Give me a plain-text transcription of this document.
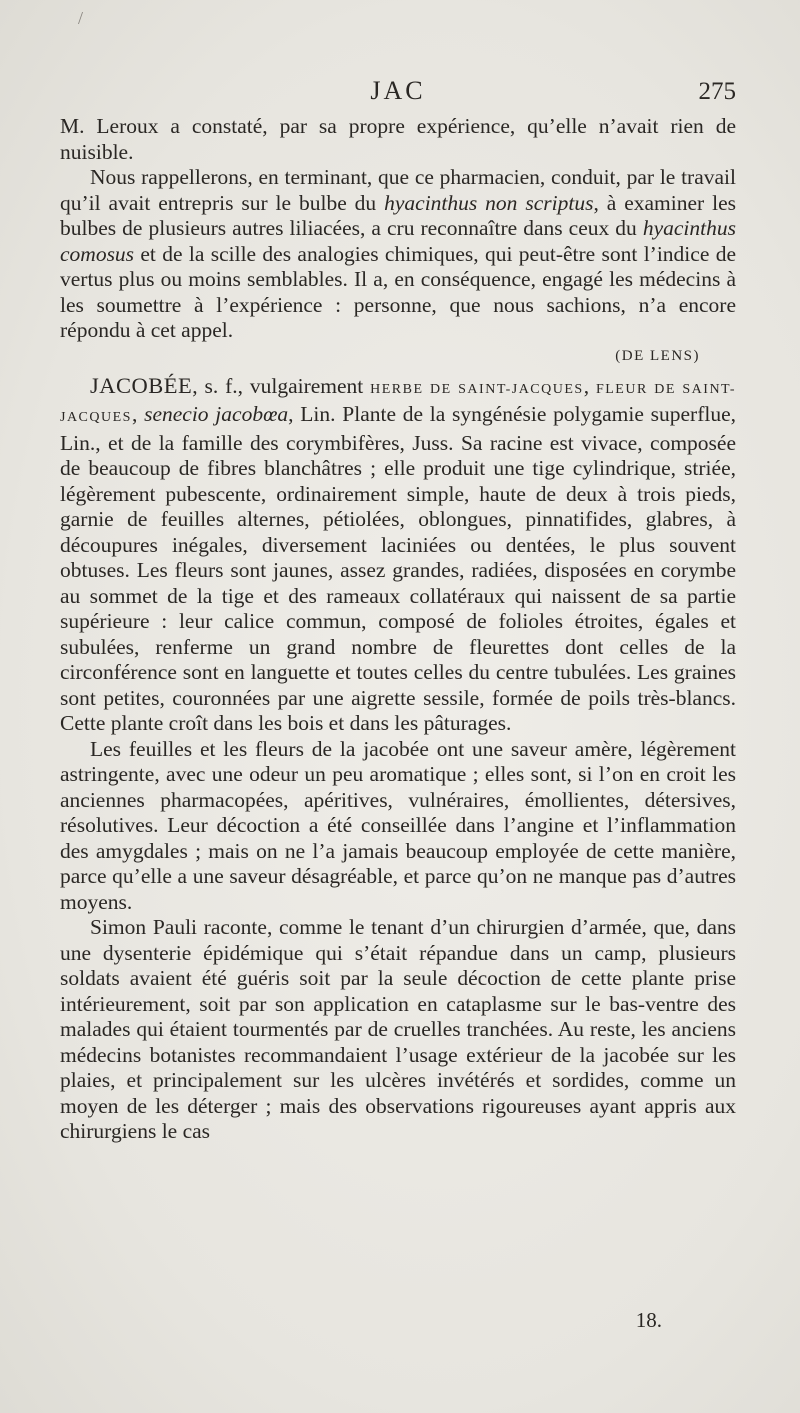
/
JAC	275

M. Leroux a constaté, par sa propre expérience, qu’elle n’avait rien de nuisible.

Nous rappellerons, en terminant, que ce pharmacien, conduit, par le travail qu’il avait entrepris sur le bulbe du hyacinthus non scriptus, à examiner les bulbes de plusieurs autres liliacées, a cru reconnaître dans ceux du hyacinthus comosus et de la scille des analogies chimiques, qui peut-être sont l’indice de vertus plus ou moins semblables. Il a, en conséquence, engagé les médecins à les soumettre à l’expérience : personne, que nous sachions, n’a encore répondu à cet appel.

(DE LENS)

JACOBÉE, s. f., vulgairement HERBE DE SAINT-JACQUES, FLEUR DE SAINT-JACQUES, senecio jacobœa, Lin. Plante de la syngénésie polygamie superflue, Lin., et de la famille des corymbifères, Juss. Sa racine est vivace, composée de beaucoup de fibres blanchâtres ; elle produit une tige cylindrique, striée, légèrement pubescente, ordinairement simple, haute de deux à trois pieds, garnie de feuilles alternes, pétiolées, oblongues, pinnatifides, glabres, à découpures inégales, diversement laciniées ou dentées, le plus souvent obtuses. Les fleurs sont jaunes, assez grandes, radiées, disposées en corymbe au sommet de la tige et des rameaux collatéraux qui naissent de sa partie supérieure : leur calice commun, composé de folioles étroites, égales et subulées, renferme un grand nombre de fleurettes dont celles de la circonférence sont en languette et toutes celles du centre tubulées. Les graines sont petites, couronnées par une aigrette sessile, formée de poils très-blancs. Cette plante croît dans les bois et dans les pâturages.

Les feuilles et les fleurs de la jacobée ont une saveur amère, légèrement astringente, avec une odeur un peu aromatique ; elles sont, si l’on en croit les anciennes pharmacopées, apéritives, vulnéraires, émollientes, détersives, résolutives. Leur décoction a été conseillée dans l’angine et l’inflammation des amygdales ; mais on ne l’a jamais beaucoup employée de cette manière, parce qu’elle a une saveur désagréable, et parce qu’on ne manque pas d’autres moyens.

Simon Pauli raconte, comme le tenant d’un chirurgien d’armée, que, dans une dysenterie épidémique qui s’était répandue dans un camp, plusieurs soldats avaient été guéris soit par la seule décoction de cette plante prise intérieurement, soit par son application en cataplasme sur le bas-ventre des malades qui étaient tourmentés par de cruelles tranchées. Au reste, les anciens médecins botanistes recommandaient l’usage extérieur de la jacobée sur les plaies, et principalement sur les ulcères invétérés et sordides, comme un moyen de les déterger ; mais des observations rigoureuses ayant appris aux chirurgiens le cas

18.
